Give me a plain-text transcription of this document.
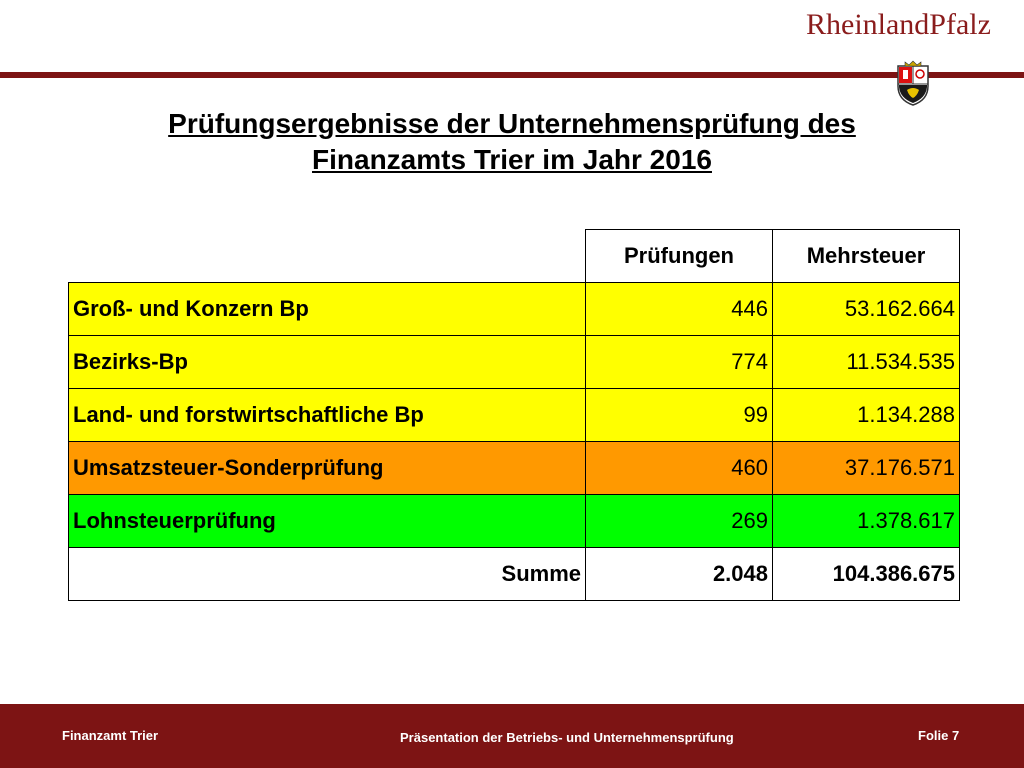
RheinlandPfalz
Prüfungsergebnisse der Unternehmensprüfung des
Finanzamts Trier im Jahr 2016
	Prüfungen	Mehrsteuer
Groß- und Konzern Bp	446	53.162.664
Bezirks-Bp	774	11.534.535
Land- und forstwirtschaftliche Bp	99	1.134.288
Umsatzsteuer-Sonderprüfung	460	37.176.571
Lohnsteuerprüfung	269	1.378.617
Summe	2.048	104.386.675
Finanzamt Trier	Präsentation der Betriebs- und Unternehmensprüfung	Folie 7
